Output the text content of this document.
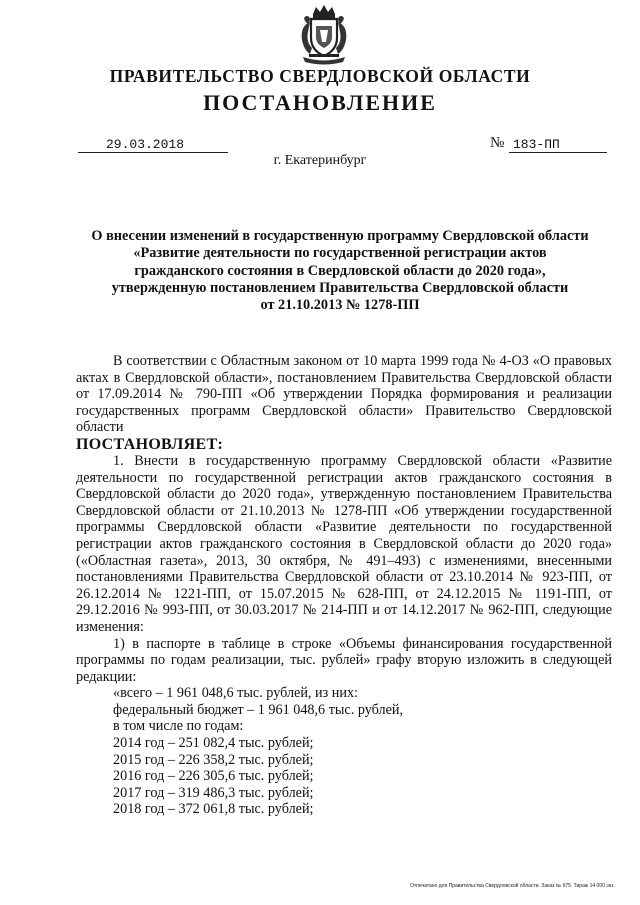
ПРАВИТЕЛЬСТВО СВЕРДЛОВСКОЙ ОБЛАСТИ
ПОСТАНОВЛЕНИЕ
29.03.2018	№ 183-ПП
г. Екатеринбург
О внесении изменений в государственную программу Свердловской области
«Развитие деятельности по государственной регистрации актов
гражданского состояния в Свердловской области до 2020 года»,
утвержденную постановлением Правительства Свердловской области
от 21.10.2013 № 1278-ПП

В соответствии с Областным законом от 10 марта 1999 года № 4-ОЗ «О правовых актах в Свердловской области», постановлением Правительства Свердловской области от 17.09.2014 № 790-ПП «Об утверждении Порядка формирования и реализации государственных программ Свердловской области» Правительство Свердловской области

ПОСТАНОВЛЯЕТ:

1. Внести в государственную программу Свердловской области «Развитие деятельности по государственной регистрации актов гражданского состояния в Свердловской области до 2020 года», утвержденную постановлением Правительства Свердловской области от 21.10.2013 № 1278-ПП «Об утверждении государственной программы Свердловской области «Развитие деятельности по государственной регистрации актов гражданского состояния в Свердловской области до 2020 года» («Областная газета», 2013, 30 октября, № 491–493) с изменениями, внесенными постановлениями Правительства Свердловской области от 23.10.2014 № 923-ПП, от 26.12.2014 № 1221-ПП, от 15.07.2015 № 628-ПП, от 24.12.2015 № 1191-ПП, от 29.12.2016 № 993-ПП, от 30.03.2017 № 214-ПП и от 14.12.2017 № 962-ПП, следующие изменения:

1) в паспорте в таблице в строке «Объемы финансирования государственной программы по годам реализации, тыс. рублей» графу вторую изложить в следующей редакции:

«всего – 1 961 048,6 тыс. рублей, из них:
федеральный бюджет – 1 961 048,6 тыс. рублей,
в том числе по годам:
2014 год – 251 082,4 тыс. рублей;
2015 год – 226 358,2 тыс. рублей;
2016 год – 226 305,6 тыс. рублей;
2017 год – 319 486,3 тыс. рублей;
2018 год – 372 061,8 тыс. рублей;
Отпечатано для Правительства Свердловской области. Заказ № 975. Тираж 14 000 экз.
